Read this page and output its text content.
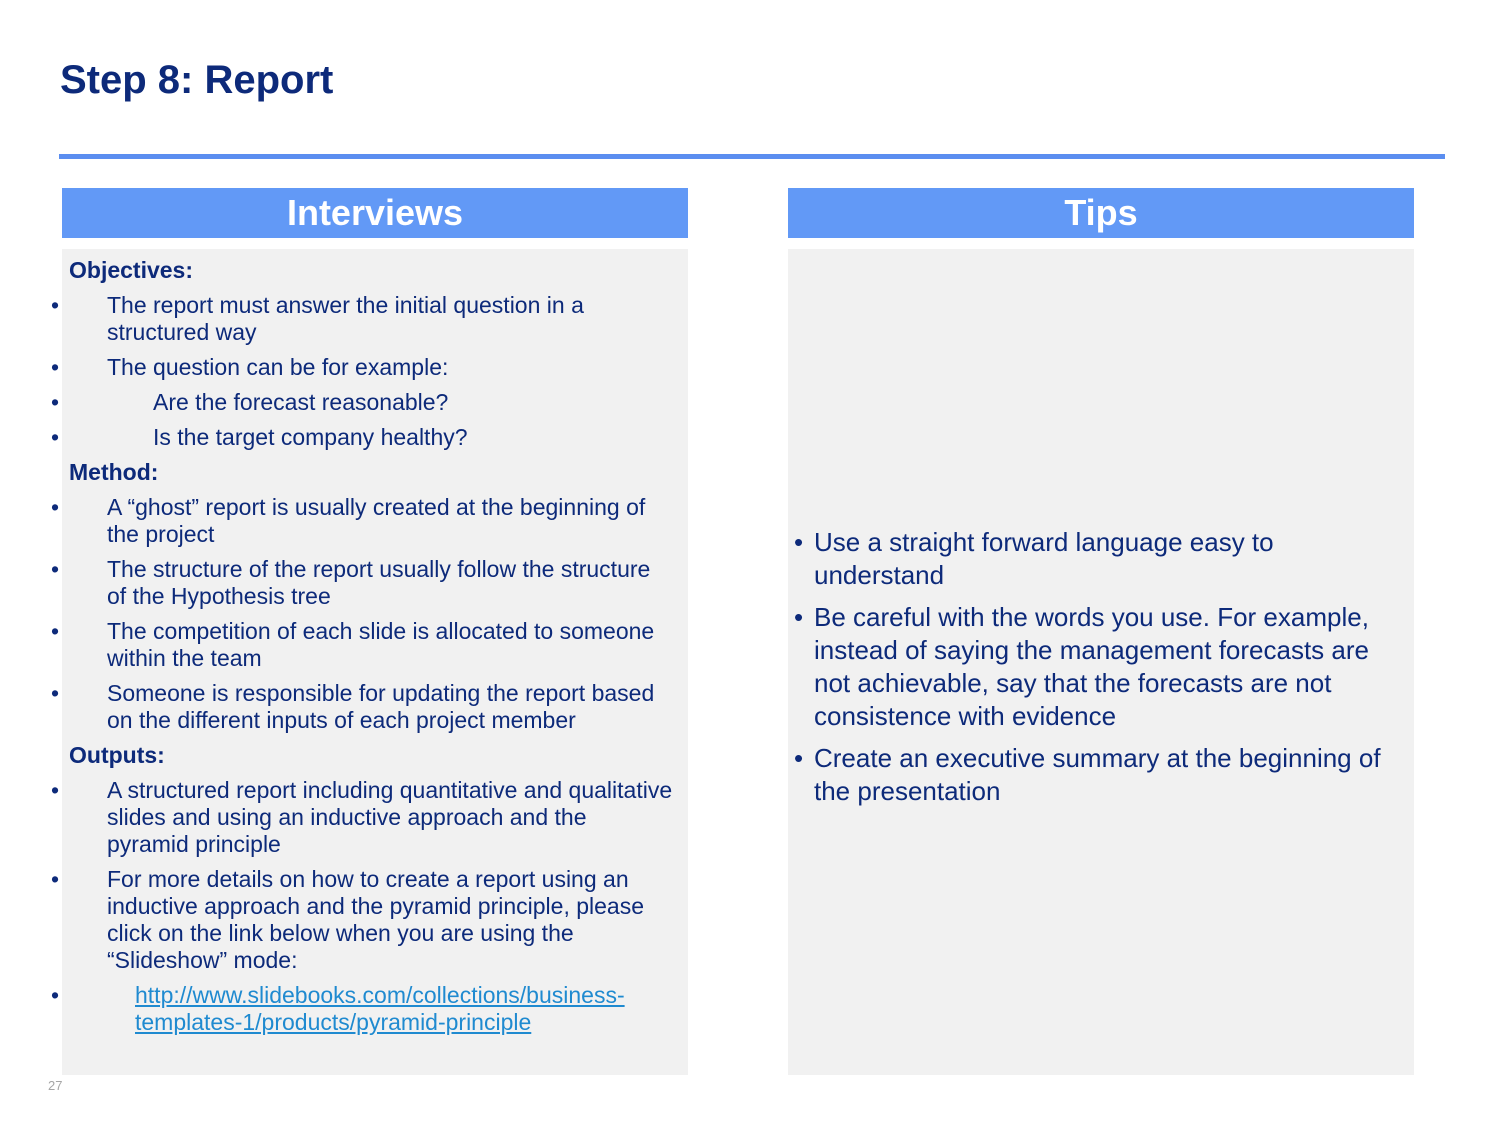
Step 8: Report
Interviews
Objectives:
• The report must answer the initial question in a structured way
• The question can be for example:
• Are the forecast reasonable?
• Is the target company healthy?
Method:
• A “ghost” report is usually created at the beginning of the project
• The structure of the report usually follow the structure of the Hypothesis tree
• The competition of each slide is allocated to someone within the team
• Someone is responsible for updating the report based on the different inputs of each project member
Outputs:
• A structured report including quantitative and qualitative slides and using an inductive approach and the pyramid principle
• For more details on how to create a report using an inductive approach and the pyramid principle, please click on the link below when you are using the “Slideshow” mode:
• http://www.slidebooks.com/collections/business-templates-1/products/pyramid-principle
Tips
• Use a straight forward language easy to understand
• Be careful with the words you use. For example, instead of saying the management forecasts are not achievable, say that the forecasts are not consistence with evidence
• Create an executive summary at the beginning of the presentation
27
